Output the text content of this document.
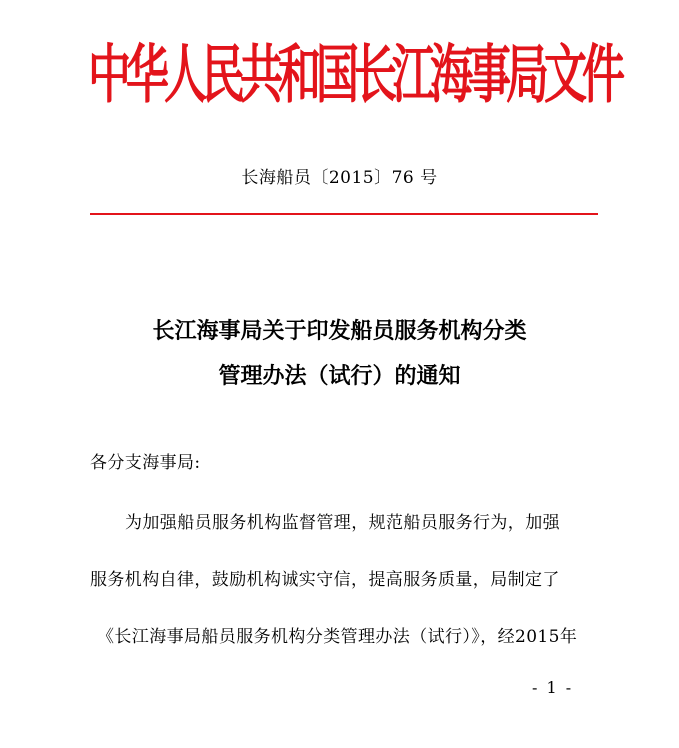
中华人民共和国长江海事局文件
长海船员〔2015〕76 号
长江海事局关于印发船员服务机构分类
管理办法（试行）的通知
各分支海事局:
为加强船员服务机构监督管理，规范船员服务行为，加强
服务机构自律，鼓励机构诚实守信，提高服务质量，局制定了
《长江海事局船员服务机构分类管理办法（试行）》，经2015年
- 1 -
